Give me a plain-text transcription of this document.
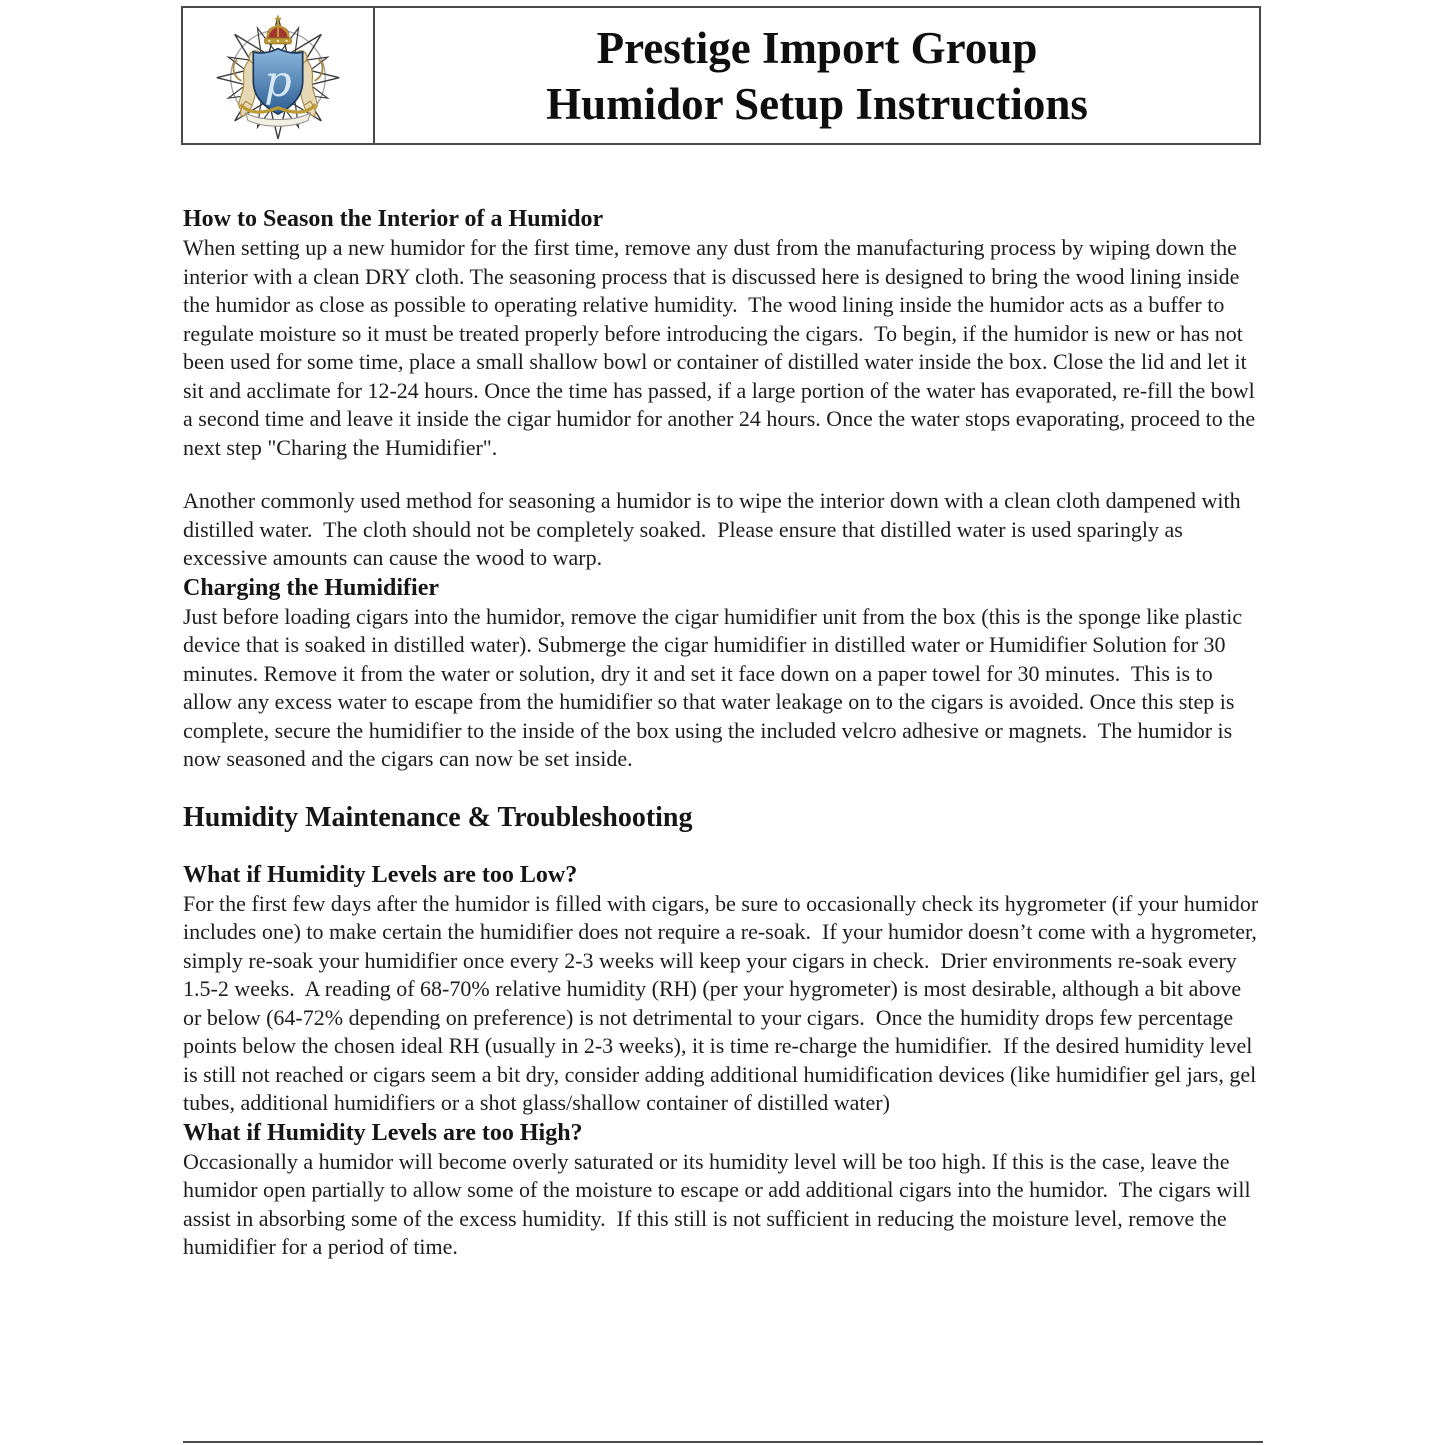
p
Prestige Import Group
Humidor Setup Instructions
How to Season the Interior of a Humidor

When setting up a new humidor for the first time, remove any dust from the manufacturing process by wiping down the interior with a clean DRY cloth. The seasoning process that is discussed here is designed to bring the wood lining inside the humidor as close as possible to operating relative humidity.  The wood lining inside the humidor acts as a buffer to regulate moisture so it must be treated properly before introducing the cigars.  To begin, if the humidor is new or has not been used for some time, place a small shallow bowl or container of distilled water inside the box. Close the lid and let it sit and acclimate for 12-24 hours. Once the time has passed, if a large portion of the water has evaporated, re-fill the bowl a second time and leave it inside the cigar humidor for another 24 hours. Once the water stops evaporating, proceed to the next step "Charing the Humidifier".

Another commonly used method for seasoning a humidor is to wipe the interior down with a clean cloth dampened with distilled water.  The cloth should not be completely soaked.  Please ensure that distilled water is used sparingly as excessive amounts can cause the wood to warp.

Charging the Humidifier

Just before loading cigars into the humidor, remove the cigar humidifier unit from the box (this is the sponge like plastic device that is soaked in distilled water). Submerge the cigar humidifier in distilled water or Humidifier Solution for 30 minutes. Remove it from the water or solution, dry it and set it face down on a paper towel for 30 minutes.  This is to allow any excess water to escape from the humidifier so that water leakage on to the cigars is avoided. Once this step is complete, secure the humidifier to the inside of the box using the included velcro adhesive or magnets.  The humidor is now seasoned and the cigars can now be set inside.

Humidity Maintenance & Troubleshooting
What if Humidity Levels are too Low?

For the first few days after the humidor is filled with cigars, be sure to occasionally check its hygrometer (if your humidor includes one) to make certain the humidifier does not require a re-soak.  If your humidor doesn’t come with a hygrometer, simply re-soak your humidifier once every 2-3 weeks will keep your cigars in check.  Drier environments re-soak every 1.5-2 weeks.  A reading of 68-70% relative humidity (RH) (per your hygrometer) is most desirable, although a bit above or below (64-72% depending on preference) is not detrimental to your cigars.  Once the humidity drops few percentage points below the chosen ideal RH (usually in 2-3 weeks), it is time re-charge the humidifier.  If the desired humidity level is still not reached or cigars seem a bit dry, consider adding additional humidification devices (like humidifier gel jars, gel tubes, additional humidifiers or a shot glass/shallow container of distilled water)

What if Humidity Levels are too High?

Occasionally a humidor will become overly saturated or its humidity level will be too high. If this is the case, leave the humidor open partially to allow some of the moisture to escape or add additional cigars into the humidor.  The cigars will assist in absorbing some of the excess humidity.  If this still is not sufficient in reducing the moisture level, remove the humidifier for a period of time.
